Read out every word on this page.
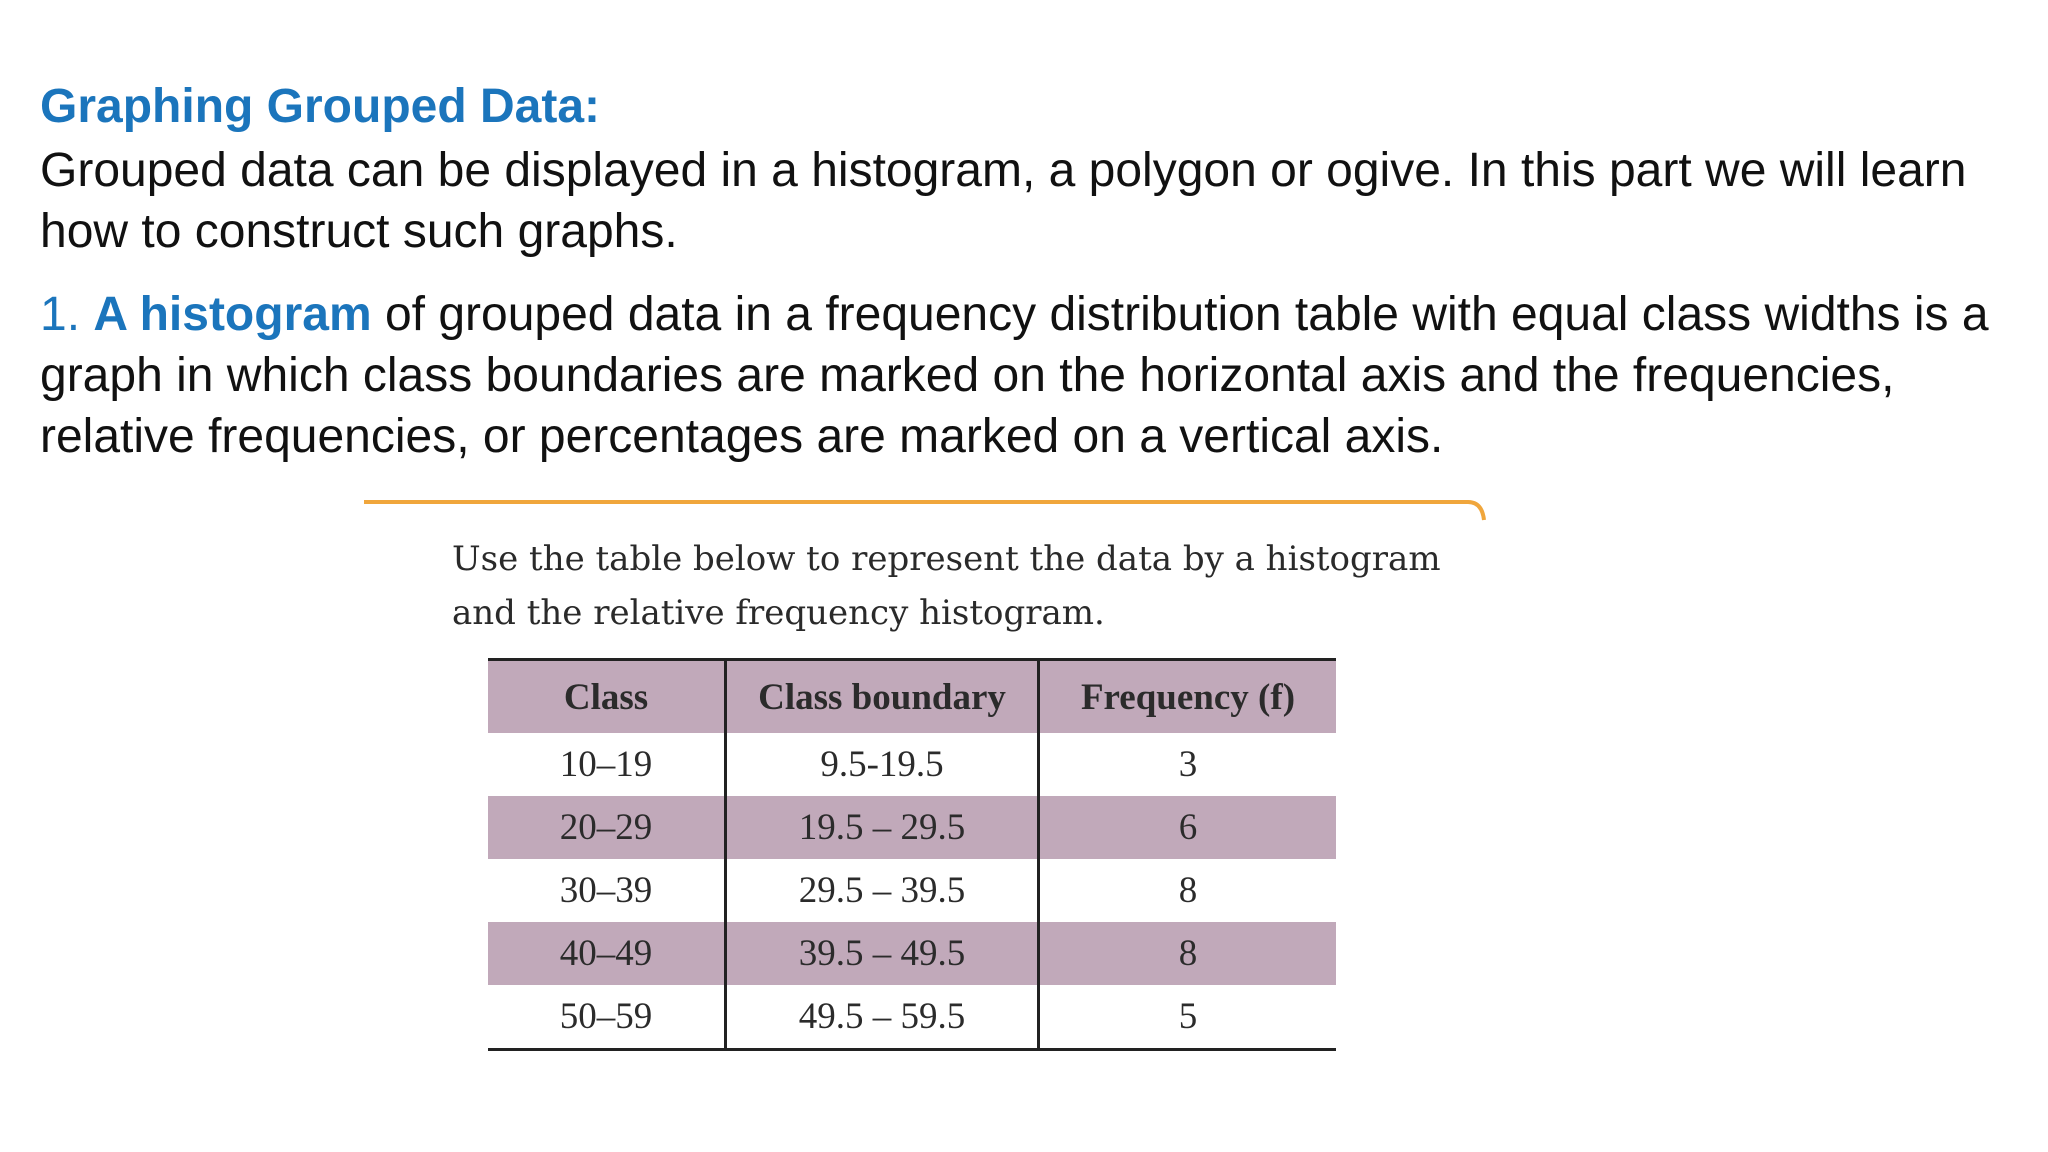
Graphing Grouped Data:
Grouped data can be displayed in a histogram, a polygon or ogive. In this part we will learn how to construct such graphs.
1. A histogram of grouped data in a frequency distribution table with equal class widths is a graph in which class boundaries are marked on the horizontal axis and the frequencies, relative frequencies, or percentages are marked on a vertical axis.
Use the table below to represent the data by a histogram and the relative frequency histogram.
Class	Class boundary	Frequency (f)
10–19	9.5-19.5	3
20–29	19.5 – 29.5	6
30–39	29.5 – 39.5	8
40–49	39.5 – 49.5	8
50–59	49.5 – 59.5	5
